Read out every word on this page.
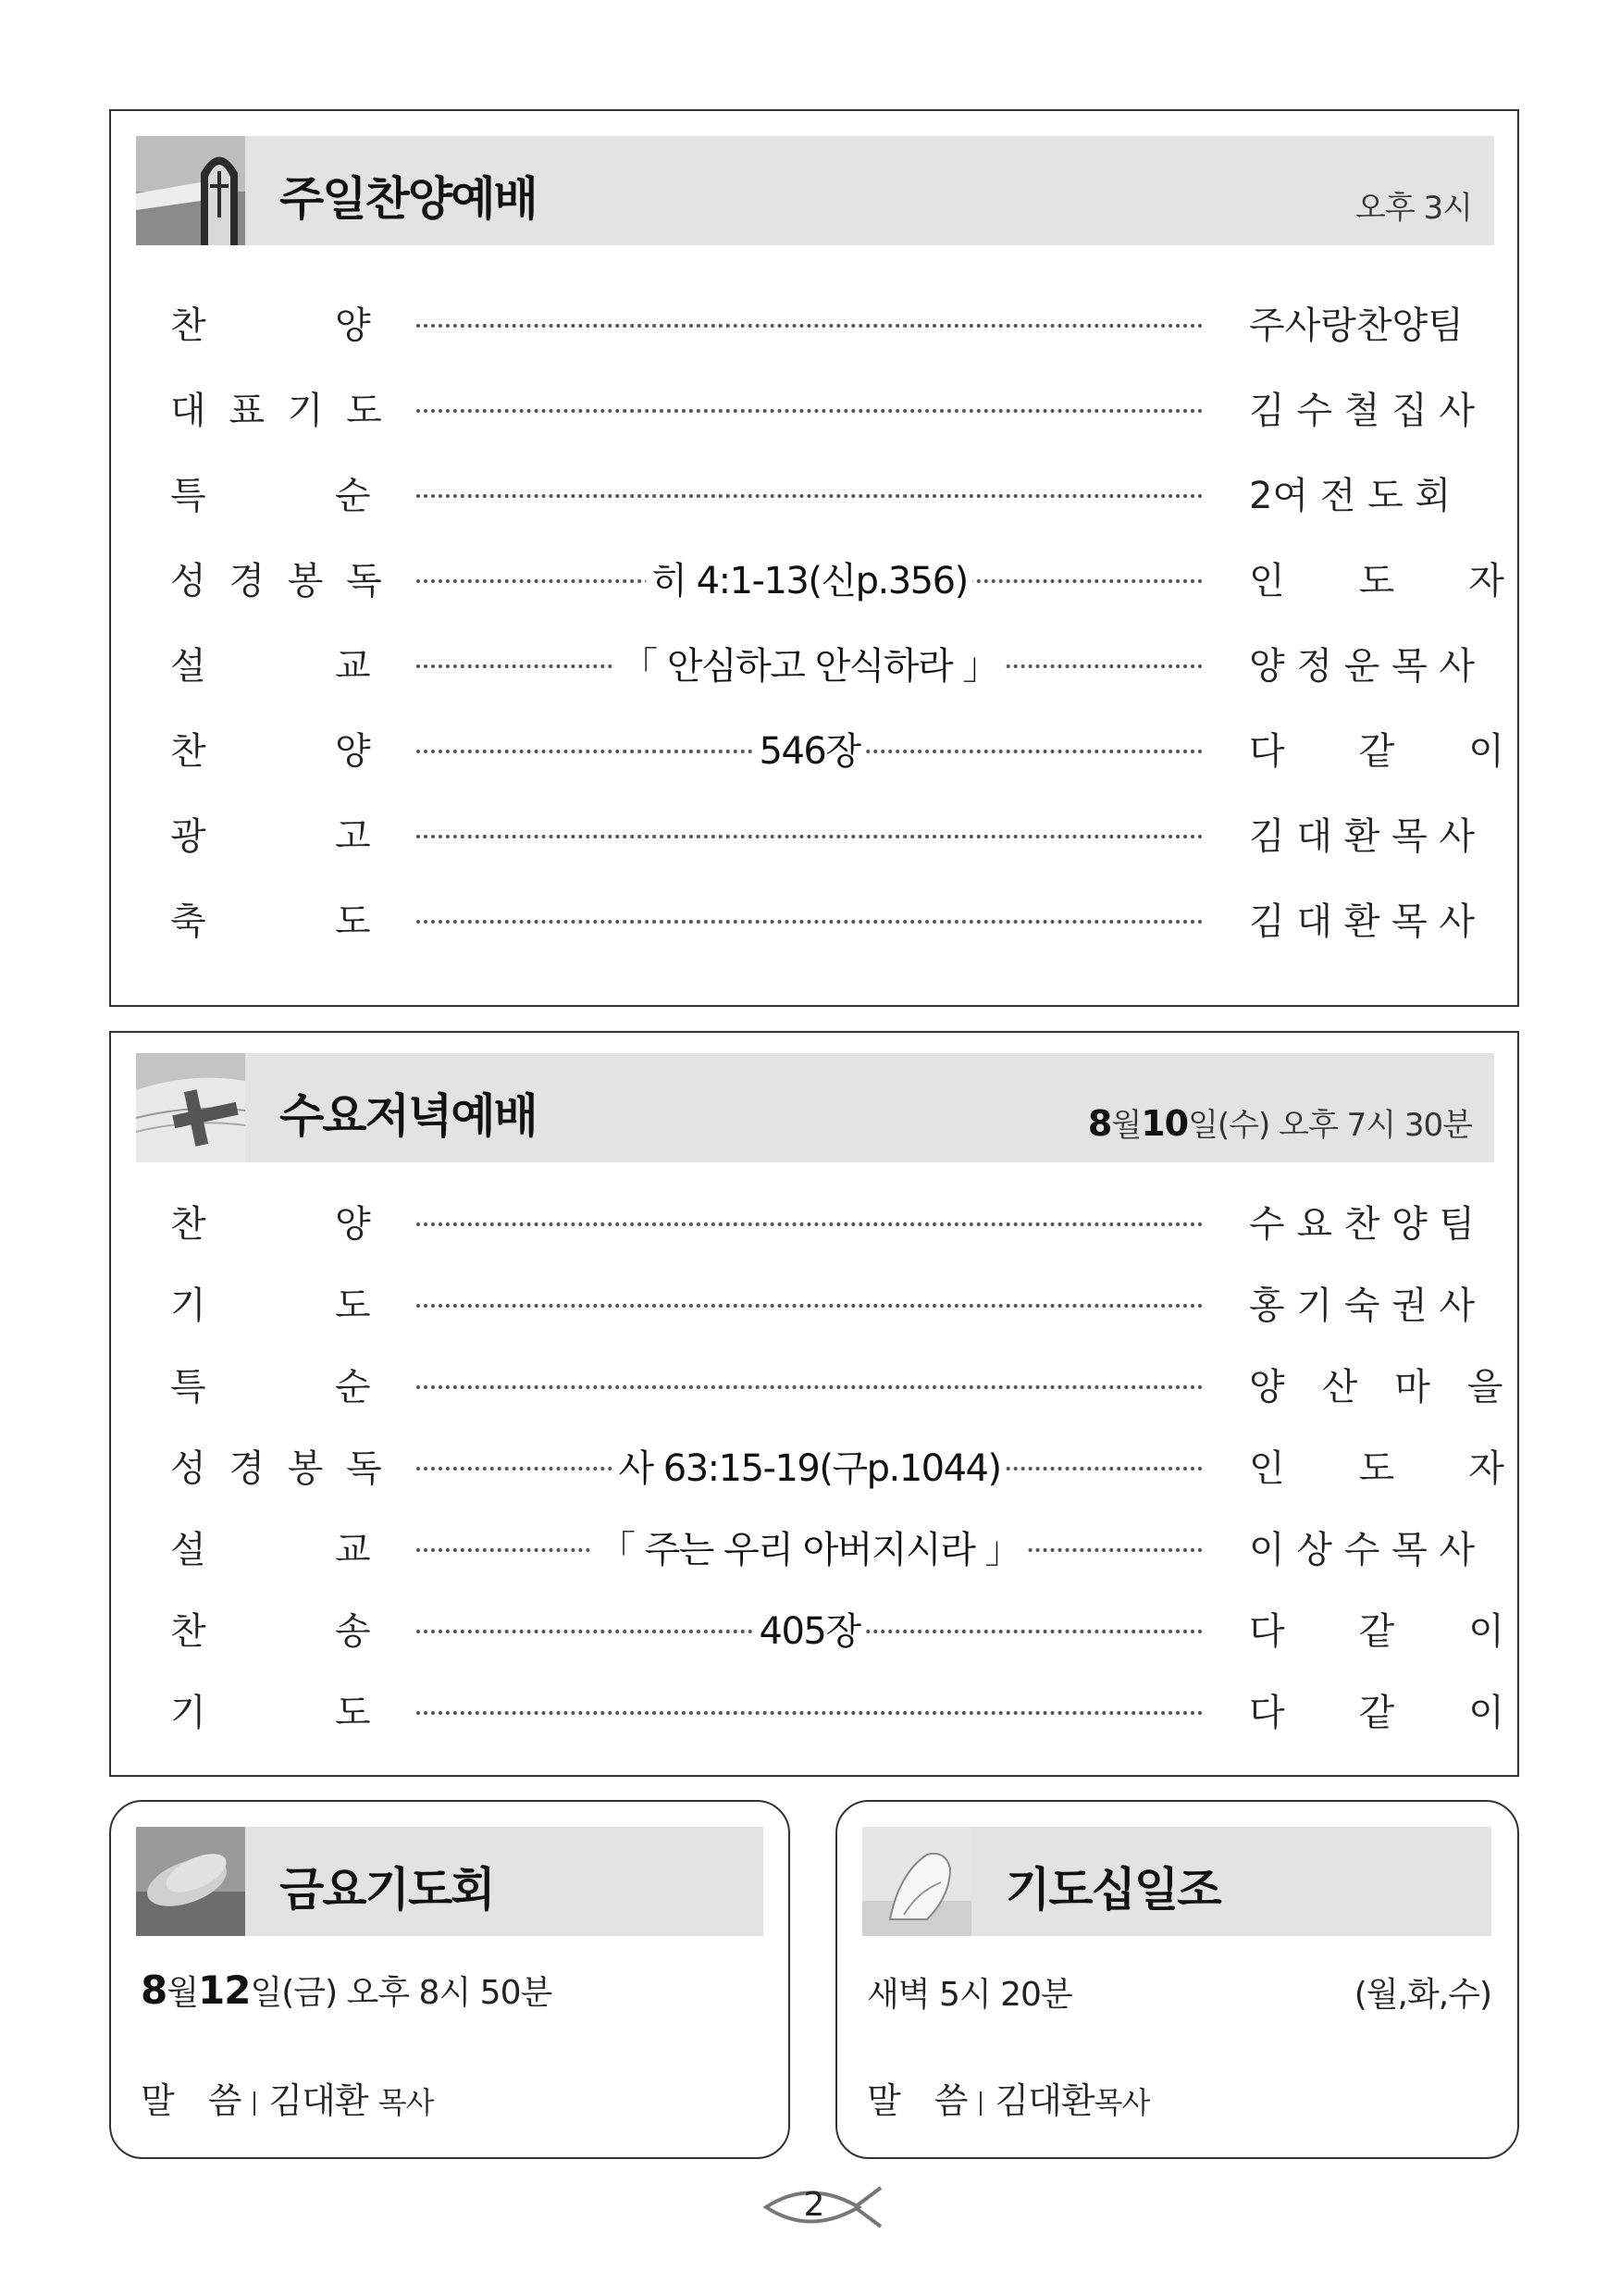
주일찬양예배	오후 3시
찬	양	주사랑찬양팀
대 표 기 도	김 수 철 집 사
특	순	2여 전 도 회
성 경 봉 독	히 4:1-13(신p.356)	인　　도　　자
설	교	「 안심하고 안식하라 」	양 정 운 목 사
찬	양	546장	다　　같　　이
광	고	김 대 환 목 사
축	도	김 대 환 목 사
수요저녁예배	8월10일(수) 오후 7시 30분
찬	양	수 요 찬 양 팀
기	도	홍 기 숙 권 사
특	순	양　산　마　을
성 경 봉 독	사 63:15-19(구p.1044)	인　　도　　자
설	교	「 주는 우리 아버지시라 」	이 상 수 목 사
찬	송	405장	다　　같　　이
기	도	다　　같　　이
금요기도회
8월12일(금) 오후 8시 50분
말　씀 김대환 목사
기도십일조
새벽 5시 20분	(월,화,수)
말　씀 김대환목사
2
